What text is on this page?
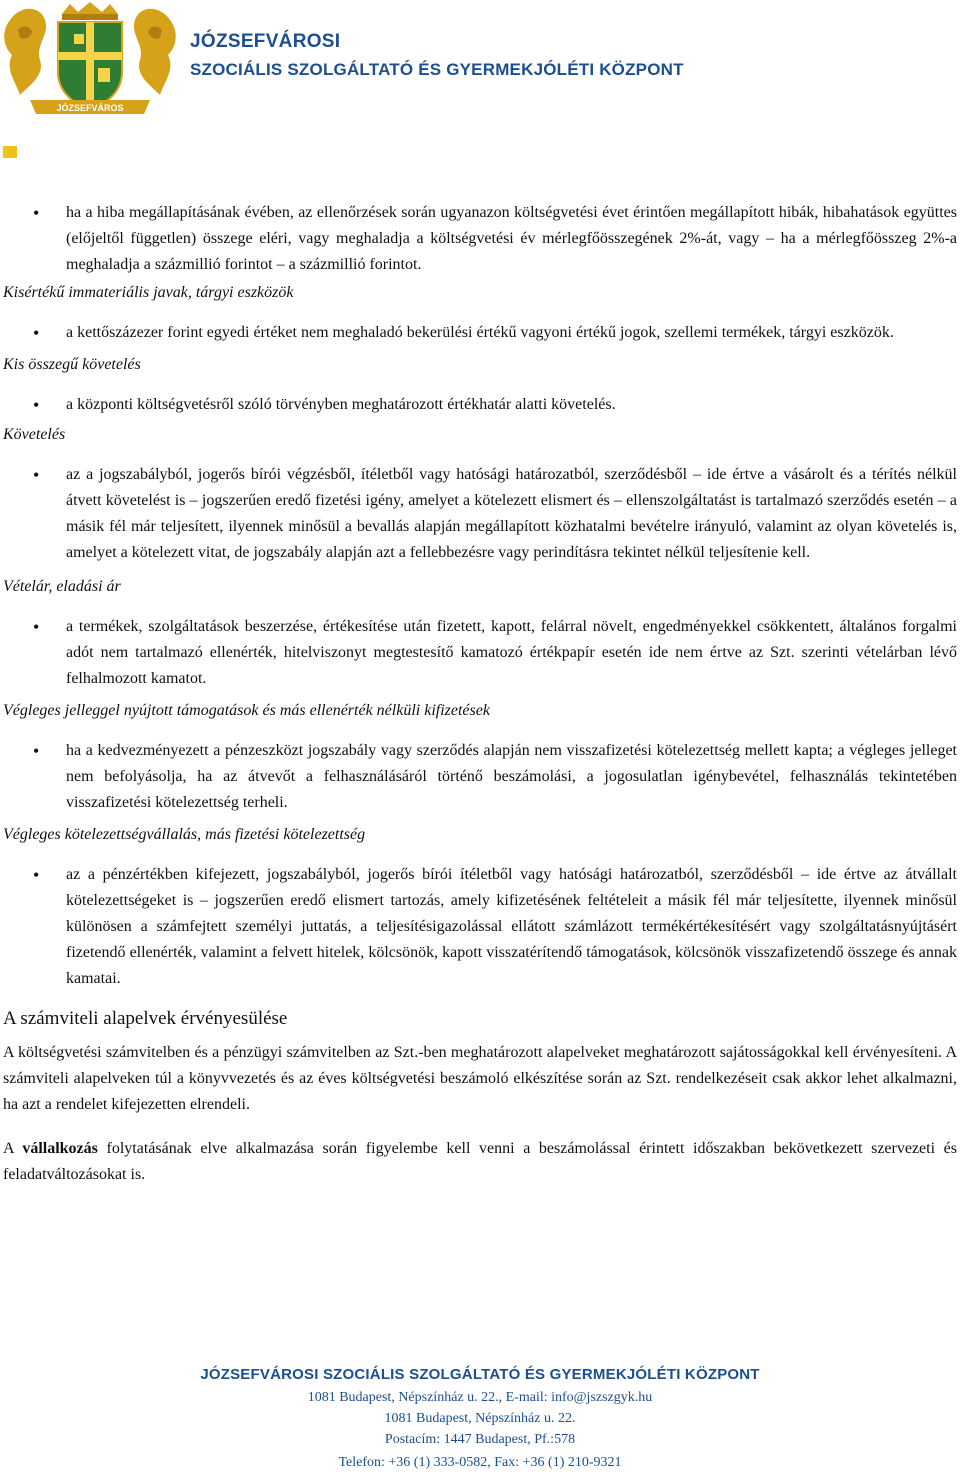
JÓZSEFVÁROS
JÓZSEFVÁROSI
SZOCIÁLIS SZOLGÁLTATÓ ÉS GYERMEKJÓLÉTI KÖZPONT
• ha a hiba megállapításának évében, az ellenőrzések során ugyanazon költségvetési évet érintően megállapított hibák, hibahatások együttes (előjeltől független) összege eléri, vagy meghaladja a költségvetési év mérlegfőösszegének 2%-át, vagy – ha a mérlegfőösszeg 2%-a meghaladja a százmillió forintot – a százmillió forintot.
Kisértékű immateriális javak, tárgyi eszközök
• a kettőszázezer forint egyedi értéket nem meghaladó bekerülési értékű vagyoni értékű jogok, szellemi termékek, tárgyi eszközök.
Kis összegű követelés
• a központi költségvetésről szóló törvényben meghatározott értékhatár alatti követelés.
Követelés
• az a jogszabályból, jogerős bírói végzésből, ítéletből vagy hatósági határozatból, szerződésből – ide értve a vásárolt és a térítés nélkül átvett követelést is – jogszerűen eredő fizetési igény, amelyet a kötelezett elismert és – ellenszolgáltatást is tartalmazó szerződés esetén – a másik fél már teljesített, ilyennek minősül a bevallás alapján megállapított közhatalmi bevételre irányuló, valamint az olyan követelés is, amelyet a kötelezett vitat, de jogszabály alapján azt a fellebbezésre vagy perindításra tekintet nélkül teljesítenie kell.
Vételár, eladási ár
• a termékek, szolgáltatások beszerzése, értékesítése után fizetett, kapott, felárral növelt, engedményekkel csökkentett, általános forgalmi adót nem tartalmazó ellenérték, hitelviszonyt megtestesítő kamatozó értékpapír esetén ide nem értve az Szt. szerinti vételárban lévő felhalmozott kamatot.
Végleges jelleggel nyújtott támogatások és más ellenérték nélküli kifizetések
• ha a kedvezményezett a pénzeszközt jogszabály vagy szerződés alapján nem visszafizetési kötelezettség mellett kapta; a végleges jelleget nem befolyásolja, ha az átvevőt a felhasználásáról történő beszámolási, a jogosulatlan igénybevétel, felhasználás tekintetében visszafizetési kötelezettség terheli.
Végleges kötelezettségvállalás, más fizetési kötelezettség
• az a pénzértékben kifejezett, jogszabályból, jogerős bírói ítéletből vagy hatósági határozatból, szerződésből – ide értve az átvállalt kötelezettségeket is – jogszerűen eredő elismert tartozás, amely kifizetésének feltételeit a másik fél már teljesítette, ilyennek minősül különösen a számfejtett személyi juttatás, a teljesítésigazolással ellátott számlázott termékértékesítésért vagy szolgáltatásnyújtásért fizetendő ellenérték, valamint a felvett hitelek, kölcsönök, kapott visszatérítendő támogatások, kölcsönök visszafizetendő összege és annak kamatai.
A számviteli alapelvek érvényesülése

A költségvetési számvitelben és a pénzügyi számvitelben az Szt.-ben meghatározott alapelveket meghatározott sajátosságokkal kell érvényesíteni. A számviteli alapelveken túl a könyvvezetés és az éves költségvetési beszámoló elkészítése során az Szt. rendelkezéseit csak akkor lehet alkalmazni, ha azt a rendelet kifejezetten elrendeli.

A vállalkozás folytatásának elve alkalmazása során figyelembe kell venni a beszámolással érintett időszakban bekövetkezett szervezeti és feladatváltozásokat is.

JÓZSEFVÁROSI SZOCIÁLIS SZOLGÁLTATÓ ÉS GYERMEKJÓLÉTI KÖZPONT
1081 Budapest, Népszínház u. 22., E-mail: info@jszszgyk.hu
1081 Budapest, Népszínház u. 22.
Postacím: 1447 Budapest, Pf.:578
Telefon: +36 (1) 333-0582, Fax: +36 (1) 210-9321
